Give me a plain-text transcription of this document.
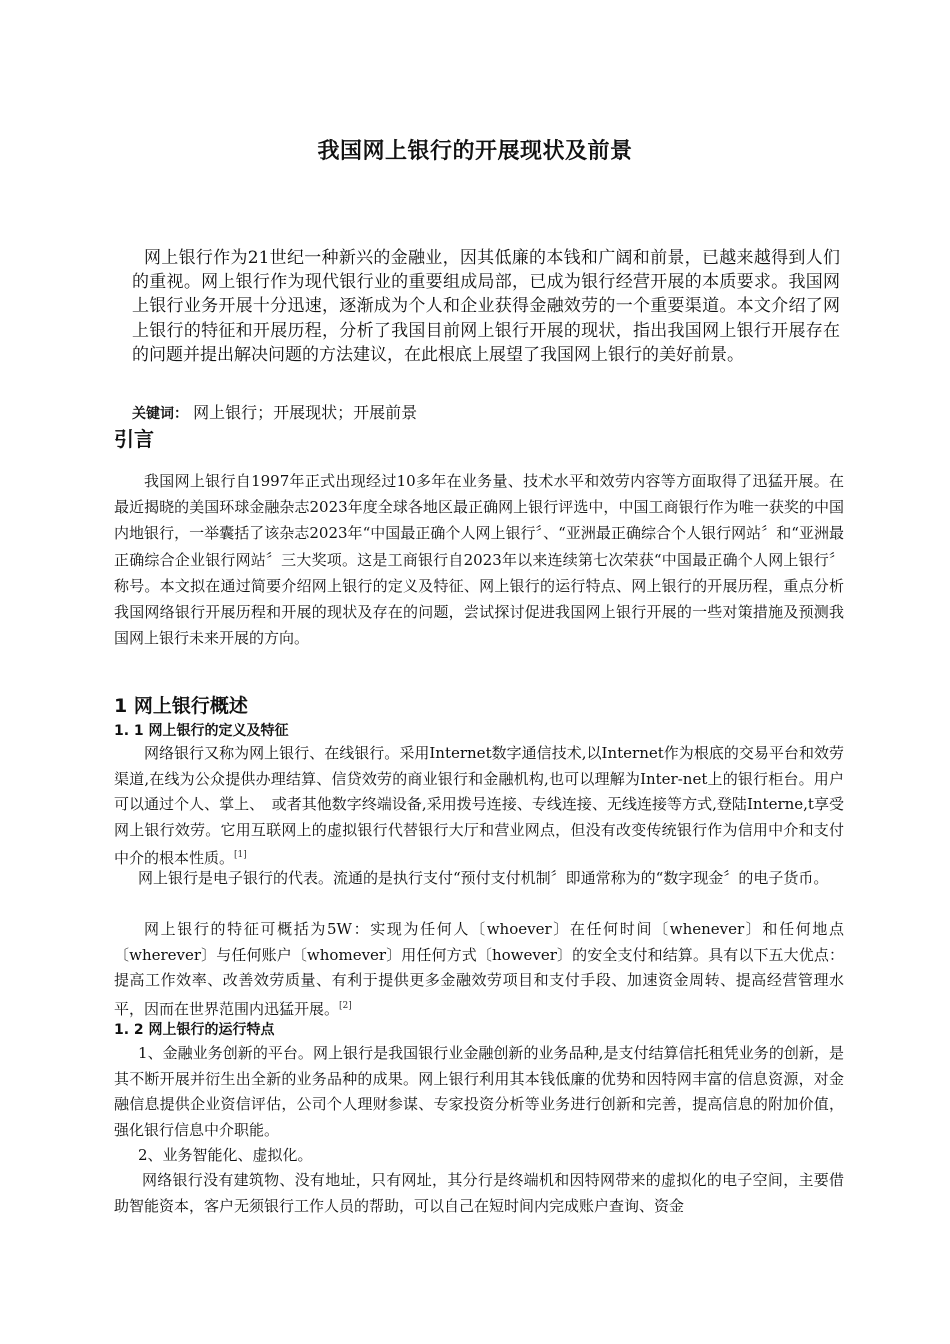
我国网上银行的开展现状及前景

网上银行作为21世纪一种新兴的金融业，因其低廉的本钱和广阔和前景，已越来越得到人们的重视。网上银行作为现代银行业的重要组成局部，已成为银行经营开展的本质要求。我国网上银行业务开展十分迅速，逐渐成为个人和企业获得金融效劳的一个重要渠道。本文介绍了网上银行的特征和开展历程，分析了我国目前网上银行开展的现状，指出我国网上银行开展存在的问题并提出解决问题的方法建议，在此根底上展望了我国网上银行的美好前景。

关键词： 网上银行；开展现状；开展前景
引言

我国网上银行自1997年正式出现经过10多年在业务量、技术水平和效劳内容等方面取得了迅猛开展。在最近揭晓的美国环球金融杂志2023年度全球各地区最正确网上银行评选中，中国工商银行作为唯一获奖的中国内地银行，一举囊括了该杂志2023年“中国最正确个人网上银行〞、“亚洲最正确综合个人银行网站〞和“亚洲最正确综合企业银行网站〞三大奖项。这是工商银行自2023年以来连续第七次荣获“中国最正确个人网上银行〞称号。本文拟在通过简要介绍网上银行的定义及特征、网上银行的运行特点、网上银行的开展历程，重点分析我国网络银行开展历程和开展的现状及存在的问题，尝试探讨促进我国网上银行开展的一些对策措施及预测我国网上银行未来开展的方向。

1 网上银行概述
1. 1 网上银行的定义及特征

网络银行又称为网上银行、在线银行。采用Internet数字通信技术,以Internet作为根底的交易平台和效劳渠道,在线为公众提供办理结算、信贷效劳的商业银行和金融机构,也可以理解为Inter-net上的银行柜台。用户可以通过个人、掌上、　或者其他数字终端设备,采用拨号连接、专线连接、无线连接等方式,登陆Interne,t享受网上银行效劳。它用互联网上的虚拟银行代替银行大厅和营业网点，但没有改变传统银行作为信用中介和支付中介的根本性质。[1]

网上银行是电子银行的代表。流通的是执行支付“预付支付机制〞即通常称为的“数字现金〞的电子货币。

网上银行的特征可概括为5W：实现为任何人〔whoever〕在任何时间〔whenever〕和任何地点〔wherever〕与任何账户〔whomever〕用任何方式〔however〕的安全支付和结算。具有以下五大优点：提高工作效率、改善效劳质量、有利于提供更多金融效劳项目和支付手段、加速资金周转、提高经营管理水平，因而在世界范围内迅猛开展。[2]

1. 2 网上银行的运行特点

1、金融业务创新的平台。网上银行是我国银行业金融创新的业务品种,是支付结算信托租凭业务的创新，是其不断开展并衍生出全新的业务品种的成果。网上银行利用其本钱低廉的优势和因特网丰富的信息资源，对金融信息提供企业资信评估，公司个人理财参谋、专家投资分析等业务进行创新和完善，提高信息的附加价值，强化银行信息中介职能。

2、业务智能化、虚拟化。

网络银行没有建筑物、没有地址，只有网址，其分行是终端机和因特网带来的虚拟化的电子空间，主要借助智能资本，客户无须银行工作人员的帮助，可以自己在短时间内完成账户查询、资金
